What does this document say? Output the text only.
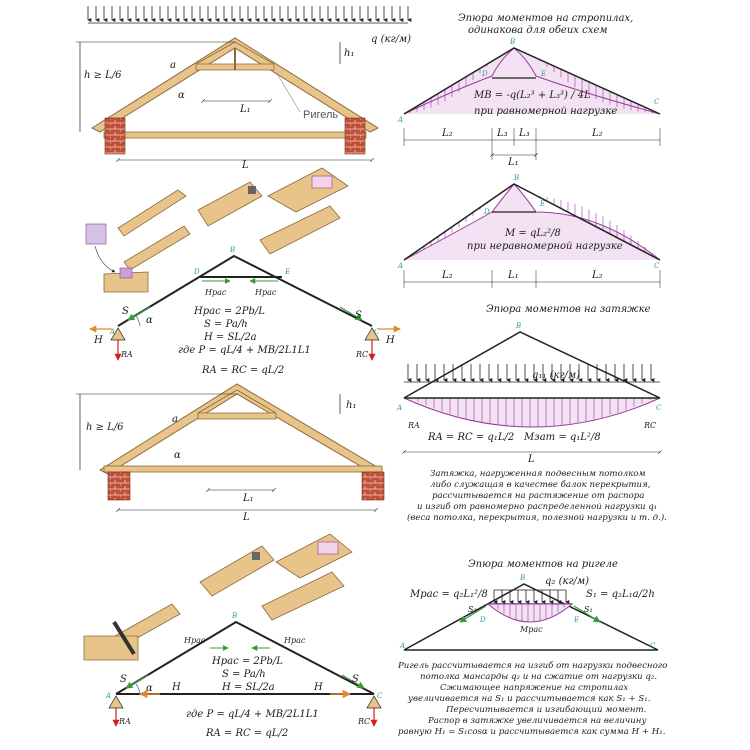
q (кг/м)
h ≥ L/6
h₁
a
α
L₁
L
Ригель
Hрас	Hрас
D
B
E
A	C
S	S
α
H	H
RA	RC
Hрас = 2Pb/L
S = Pa/h
H = SL/2a
где P = qL/4 + MB/2L1L1
RA = RC = qL/2
Эпюра моментов на стропилах,
одинакова для обеих схем
A
D
B
E
C
MB = -q(L₂³ + L₃³) / 4L
при равномерной нагрузке
L₂	L₃ L₃	L₂
L₁
A
D
B
E
C
M = qL₂²/8
при неравномерной нагрузке
L₂	L₁	L₂
Эпюра моментов на затяжке
B
q₁₁ (кг/м)
A	C
RA	RC
RA = RC = q₁L/2 Mзат = q₁L²/8
L
Затяжка, нагруженная подвесным потолком
либо служащая в качестве балок перекрытия,
рассчитывается на растяжение от распора
и изгиб от равномерно распределенной нагрузки q₁
(веса потолка, перекрытия, полезной нагрузки и т. д.).
h ≥ L/6
h₁
a
α
L₁
L
Hрас	Hрас
B
A	C
S	S
α H	H
RA	RC
Hрас = 2Pb/L
S = Pa/h
H = SL/2a
где P = qL/4 + MB/2L1L1
RA = RC = qL/2
Эпюра моментов на ригеле
q₂ (кг/м)
Mрас
Mрас = q₂L₁²/8	S₁ = q₂L₁a/2h
S₁	S₁
A
D
B
E
C
Ригель рассчитывается на изгиб от нагрузки подвесного
потолка мансарды q₂ и на сжатие от нагрузки q₂.
Сжимающее напряжение на стропилах
увеличивается на S₁ и рассчитывается как S₁ + S₁.
Пересчитывается и изгибающий момент.
Распор в затяжке увеличивается на величину
равную H₁ = S₁cosα и рассчитывается как сумма H + H₁.
